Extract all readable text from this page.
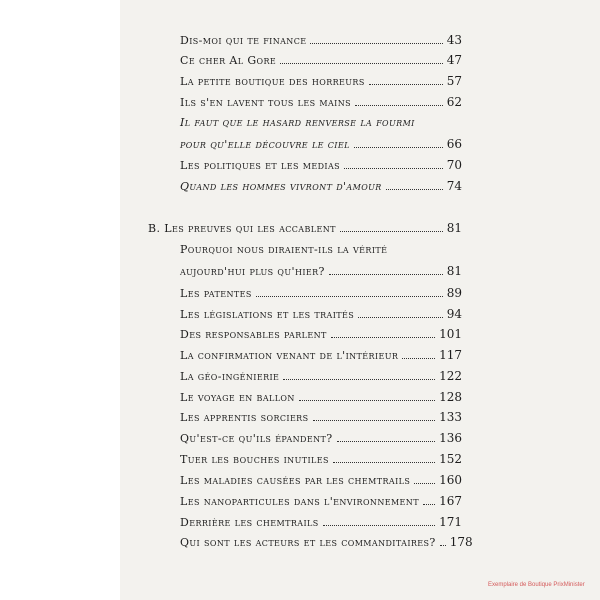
Dis-moi qui te finance	43
Ce cher Al Gore	47
La petite boutique des horreurs	57
Ils s'en lavent tous les mains	62
Il faut que le hasard renverse la fourmi
pour qu'elle découvre le ciel	66
Les politiques et les medias	70
Quand les hommes vivront d'amour	74
B. Les preuves qui les accablent	81
Pourquoi nous diraient-ils la vérité
aujourd'hui plus qu'hier?	81
Les patentes	89
Les législations et les traités	94
Des responsables parlent	101
La confirmation venant de l'intérieur	117
La géo-ingénierie	122
Le voyage en ballon	128
Les apprentis sorciers	133
Qu'est-ce qu'ils épandent?	136
Tuer les bouches inutiles	152
Les maladies causées par les chemtrails 160
Les nanoparticules dans l'environnement 167
Derrière les chemtrails	171
Qui sont les acteurs et les commanditaires? 178
Exemplaire de Boutique PrixMinister
